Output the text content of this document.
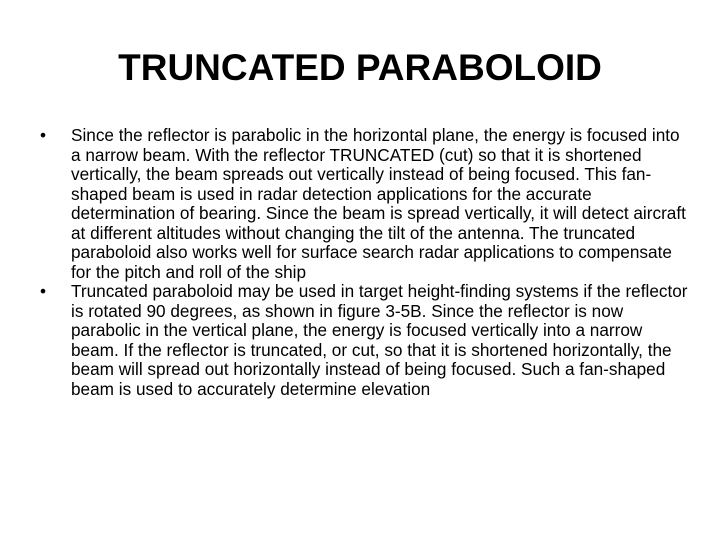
TRUNCATED PARABOLOID
•	Since the reflector is parabolic in the horizontal plane, the energy is focused into a narrow beam. With the reflector TRUNCATED (cut) so that it is shortened vertically, the beam spreads out vertically instead of being focused. This fan-shaped beam is used in radar detection applications for the accurate determination of bearing. Since the beam is spread vertically, it will detect aircraft at different altitudes without changing the tilt of the antenna. The truncated paraboloid also works well for surface search radar applications to compensate for the pitch and roll of the ship
•	Truncated paraboloid may be used in target height-finding systems if the reflector is rotated 90 degrees, as shown in figure 3-5B. Since the reflector is now parabolic in the vertical plane, the energy is focused vertically into a narrow beam. If the reflector is truncated, or cut, so that it is shortened horizontally, the beam will spread out horizontally instead of being focused. Such a fan-shaped beam is used to accurately determine elevation
